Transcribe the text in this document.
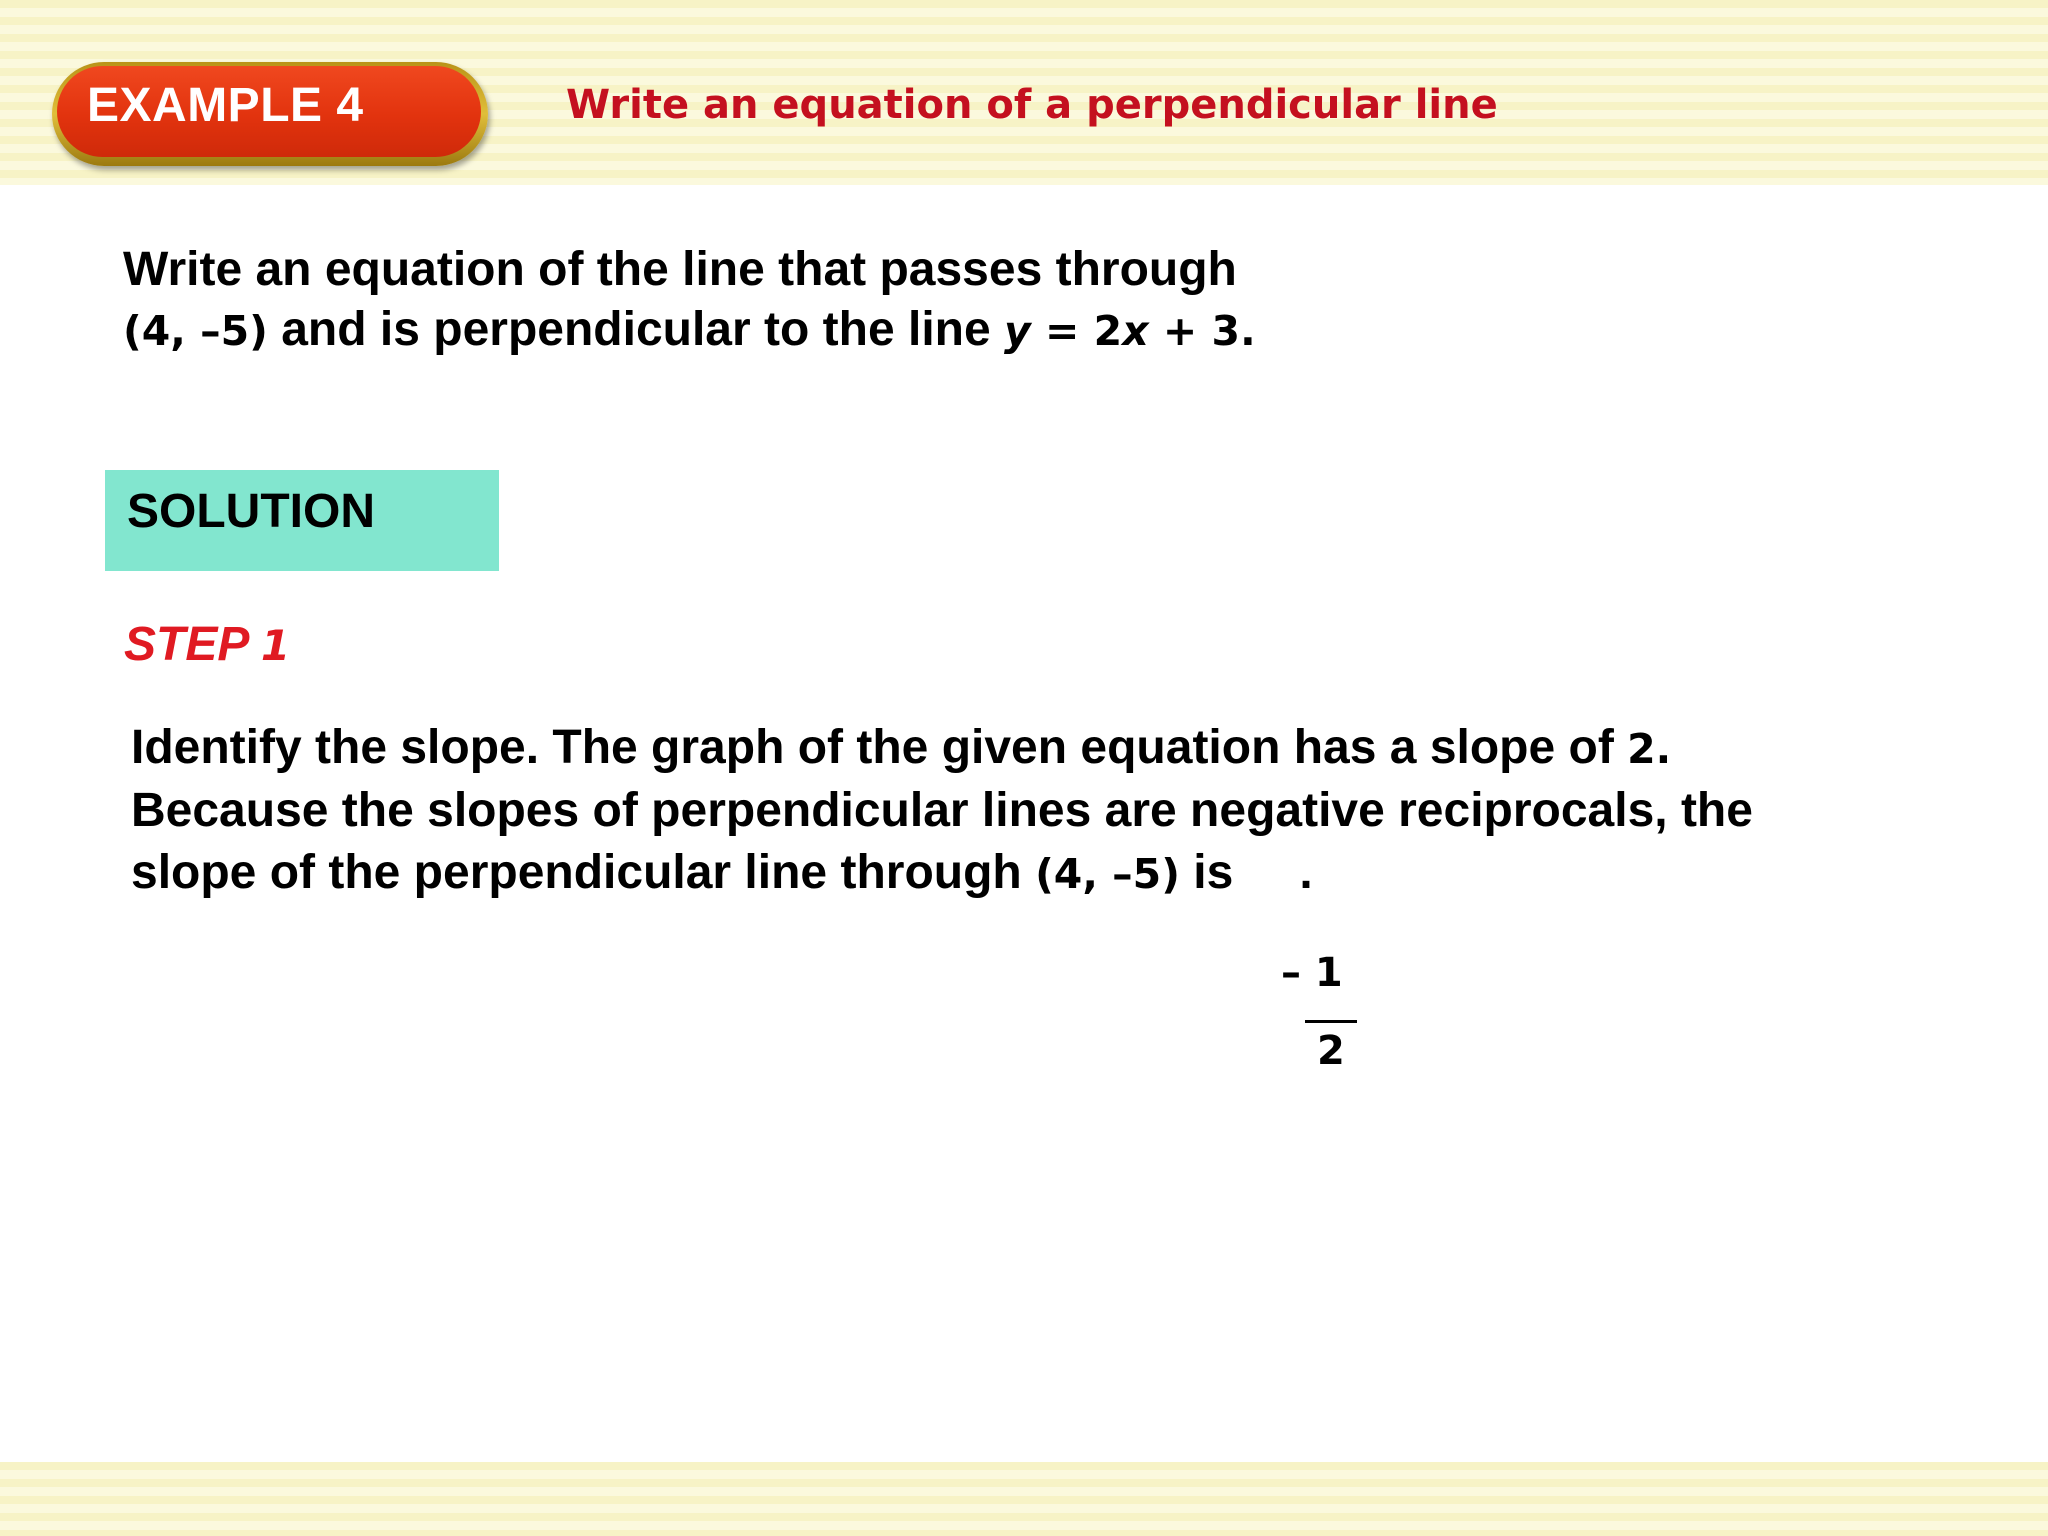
EXAMPLE 4	Write an equation of a perpendicular line
Write an equation of the line that passes through
(4, –5) and is perpendicular to the line y = 2x + 3.
SOLUTION
STEP 1
Identify the slope. The graph of the given equation has a slope of 2.
Because the slopes of perpendicular lines are negative reciprocals, the
slope of the perpendicular line through (4, –5) is .
– 1
2
